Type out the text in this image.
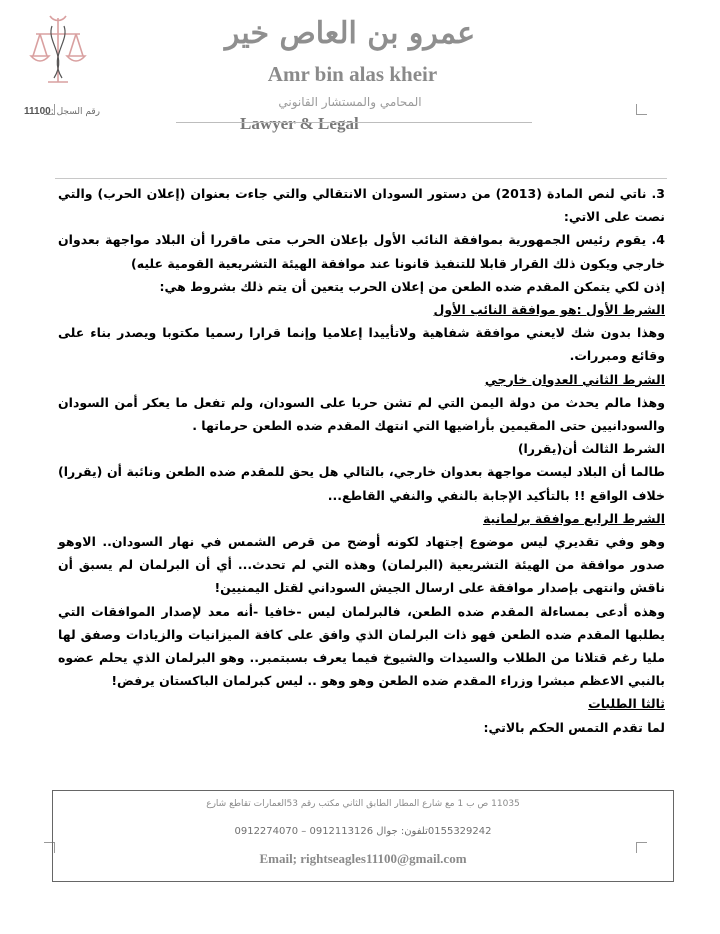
عمرو بن العاص خير
Amr bin alas kheir
المحامي والمستشار القانوني
رقم السجل :11100
Lawyer & Legal

3. ناتي لنص المادة (2013) من دستور السودان الانتقالي والتي جاءت بعنوان (إعلان الحرب) والتي نصت على الاتي:

4. يقوم رئيس الجمهورية بموافقة النائب الأول بإعلان الحرب متى ماقررا أن البلاد مواجهة بعدوان خارجي ويكون ذلك القرار قابلا للتنفيذ قانونا عند موافقة الهيئة التشريعية القومية عليه)

إذن لكي يتمكن المقدم ضده الطعن من إعلان الحرب يتعين أن يتم ذلك بشروط هي:

الشرط الأول :هو موافقة النائب الأول

وهذا بدون شك لايعني موافقة شفاهية ولاتأييدا إعلاميا وإنما قرارا رسميا مكتوبا ويصدر بناء على وقائع ومبررات.

الشرط الثاني العدوان خارجي

وهذا مالم يحدث من دولة اليمن التي لم تشن حربا على السودان، ولم تفعل ما يعكر أمن السودان والسودانيين حتى المقيمين بأراضيها التي انتهك المقدم ضده الطعن حرماتها .

الشرط الثالث أن(يقررا)

طالما أن البلاد ليست مواجهة بعدوان خارجي، بالتالي هل يحق للمقدم ضده الطعن ونائبة أن (يقررا) خلاف الواقع !! بالتأكيد الإجابة بالنفي والنفي القاطع...

الشرط الرابع موافقة برلمانية

وهو وفي تقديري ليس موضوع إجتهاد لكونه أوضح من قرص الشمس في نهار السودان.. الاوهو صدور موافقة من الهيئة التشريعية (البرلمان) وهذه التي لم تحدث... أي أن البرلمان لم يسبق أن ناقش وانتهى بإصدار موافقة على ارسال الجيش السوداني لقتل اليمنيين!

وهذه أدعى بمساءلة المقدم ضده الطعن، فالبرلمان ليس -خافيا -أنه معد لإصدار الموافقات التي يطلبها المقدم ضده الطعن فهو ذات البرلمان الذي وافق على كافة الميزانيات والزيادات وصفق لها مليا رغم قتلانا من الطلاب والسيدات والشيوخ فيما يعرف بسبتمبر.. وهو البرلمان الذي يحلم عضوه بالنبي الاعظم مبشرا وزراء المقدم ضده الطعن وهو وهو .. ليس كبرلمان الباكستان يرفض!

ثالثا الطلبات

لما تقدم التمس الحكم بالاتي:

11035 ص ب 1 مع شارع المطار الطابق الثاني مكتب رقم 53العمارات تقاطع شارع
0155329242تلفون: جوال 0912113126 – 0912274070
Email; rightseagles11100@gmail.com
